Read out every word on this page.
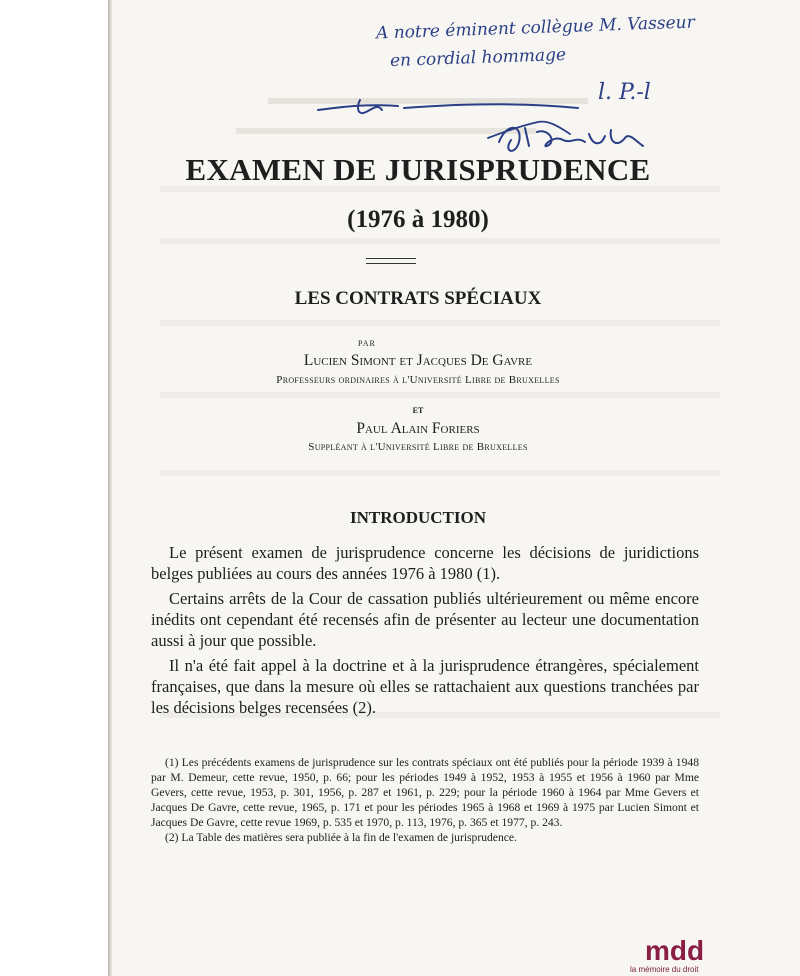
EXAMEN DE JURISPRUDENCE
(1976 à 1980)
LES CONTRATS SPÉCIAUX
par
Lucien Simont et Jacques De Gavre
Professeurs ordinaires à l'Université Libre de Bruxelles
et
Paul Alain Foriers
Suppléant à l'Université Libre de Bruxelles
INTRODUCTION

Le présent examen de jurisprudence concerne les décisions de juridictions belges publiées au cours des années 1976 à 1980 (1).

Certains arrêts de la Cour de cassation publiés ultérieurement ou même encore inédits ont cependant été recensés afin de présenter au lecteur une documentation aussi à jour que possible.

Il n'a été fait appel à la doctrine et à la jurisprudence étrangères, spécialement françaises, que dans la mesure où elles se rattachaient aux questions tranchées par les décisions belges recensées (2).

(1) Les précédents examens de jurisprudence sur les contrats spéciaux ont été publiés pour la période 1939 à 1948 par M. Demeur, cette revue, 1950, p. 66; pour les périodes 1949 à 1952, 1953 à 1955 et 1956 à 1960 par Mme Gevers, cette revue, 1953, p. 301, 1956, p. 287 et 1961, p. 229; pour la période 1960 à 1964 par Mme Gevers et Jacques De Gavre, cette revue, 1965, p. 171 et pour les périodes 1965 à 1968 et 1969 à 1975 par Lucien Simont et Jacques De Gavre, cette revue 1969, p. 535 et 1970, p. 113, 1976, p. 365 et 1977, p. 243.

(2) La Table des matières sera publiée à la fin de l'examen de jurisprudence.

A notre éminent collègue M. Vasseur
en cordial hommage
l. P.-l
mdd
la mémoire du droit
